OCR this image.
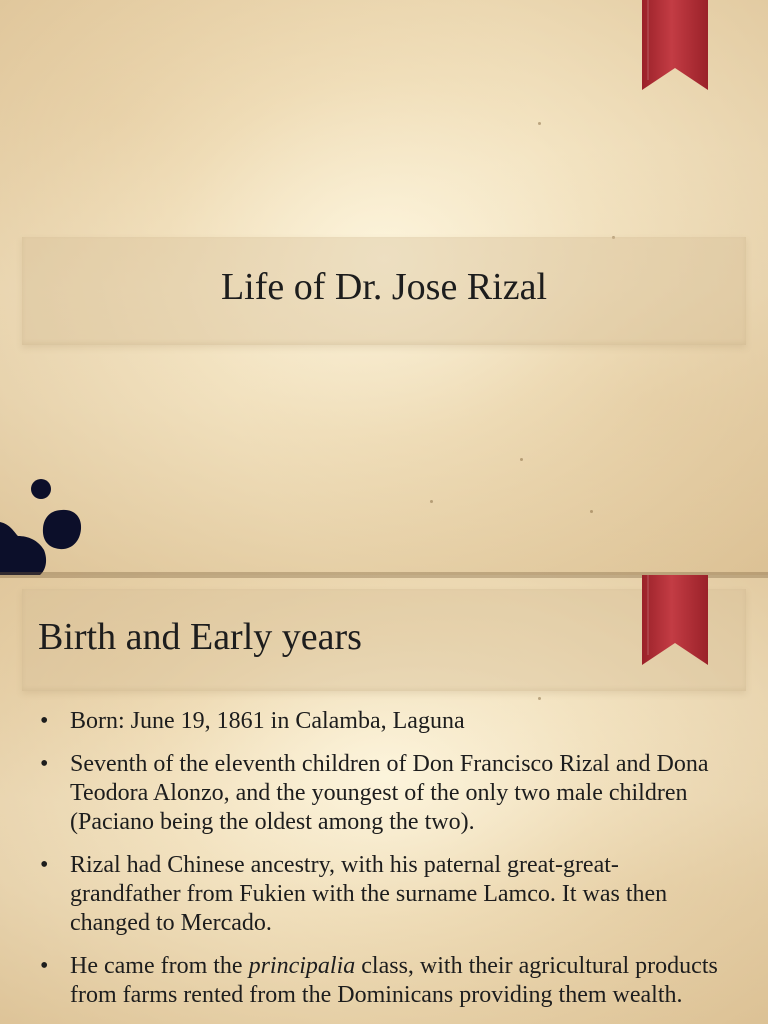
Life of Dr. Jose Rizal
Birth and Early years
• Born: June 19, 1861 in Calamba, Laguna
• Seventh of the eleventh children of Don Francisco Rizal and Dona Teodora Alonzo, and the youngest of the only two male children (Paciano being the oldest among the two).
• Rizal had Chinese ancestry, with his paternal great-great-grandfather from Fukien with the surname Lamco. It was then changed to Mercado.
• He came from the principalia class, with their agricultural products from farms rented from the Dominicans providing them wealth.
